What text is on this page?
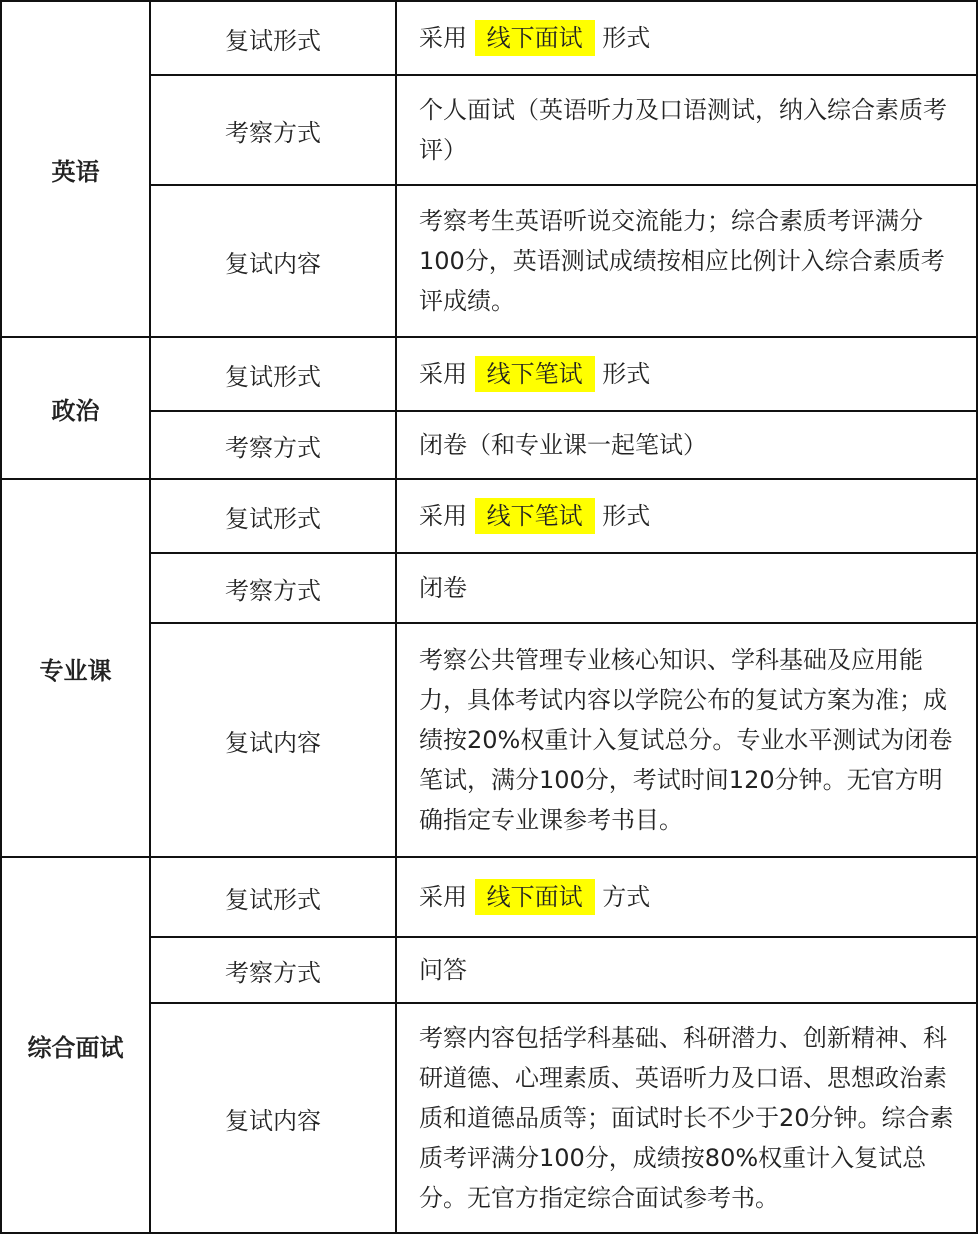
英语	复试形式	采用 线下面试 形式
	考察方式	个人面试（英语听力及口语测试，纳入综合素质考评）

	复试内容	考察考生英语听说交流能力；综合素质考评满分100分，英语测试成绩按相应比例计入综合素质考评成绩。

政治	复试形式	采用 线下笔试 形式
	考察方式	闭卷（和专业课一起笔试）

专业课	复试形式	采用 线下笔试 形式
	考察方式	闭卷

	复试内容	考察公共管理专业核心知识、学科基础及应用能力，具体考试内容以学院公布的复试方案为准；成绩按20%权重计入复试总分。专业水平测试为闭卷笔试，满分100分，考试时间120分钟。无官方明确指定专业课参考书目。

综合面试	复试形式	采用 线下面试 方式
	考察方式	问答

	复试内容	考察内容包括学科基础、科研潜力、创新精神、科研道德、心理素质、英语听力及口语、思想政治素质和道德品质等；面试时长不少于20分钟。综合素质考评满分100分，成绩按80%权重计入复试总分。无官方指定综合面试参考书。
